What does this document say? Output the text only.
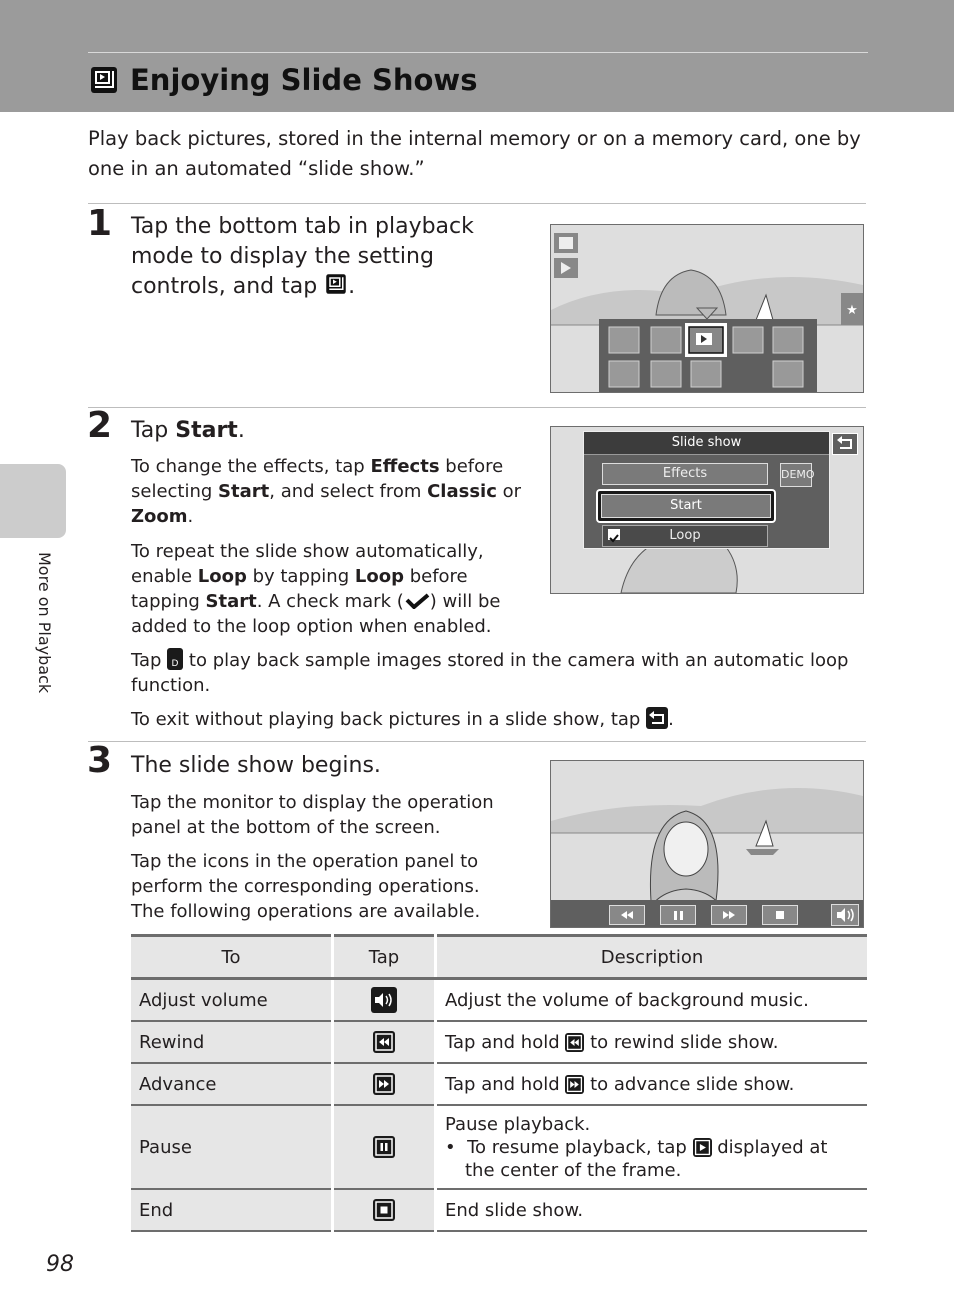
Enjoying Slide Shows
Play back pictures, stored in the internal memory or on a memory card, one by one in an automated “slide show.”
More on Playback
1 Tap the bottom tab in playback mode to display the setting controls, and tap .
★
2 Tap Start.
To change the effects, tap Effects before selecting Start, and select from Classic or Zoom.
To repeat the slide show automatically, enable Loop by tapping Loop before tapping Start. A check mark ( ) will be added to the loop option when enabled.
Tap D to play back sample images stored in the camera with an automatic loop function.
To exit without playing back pictures in a slide show, tap
.
Slide show
Effects	DEMO
Start
Loop
3 The slide show begins.
Tap the monitor to display the operation panel at the bottom of the screen.
Tap the icons in the operation panel to perform the corresponding operations. The following operations are available.
To	Tap	Description
Adjust volume		Adjust the volume of background music.
Rewind		Tap and hold
to rewind slide show.
Advance		Tap and hold
to advance slide show.
Pause		Pause playback.
•  To resume playback, tap
displayed at the center of the frame.

End		End slide show.
98
